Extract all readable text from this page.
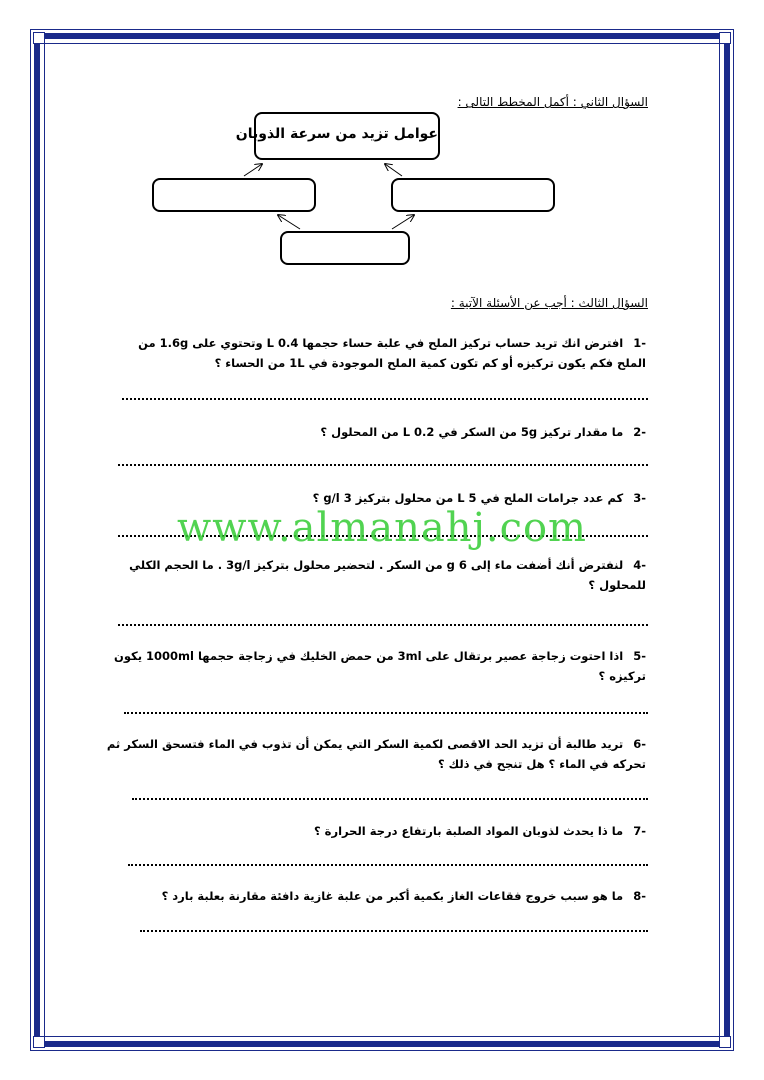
السؤال الثاني : أكمل المخطط التالى :
عوامل تزيد من سرعة الذوبان
السؤال الثالث : أجب عن الأسئلة الآتية :
-1 افترض انك تريد حساب تركيز الملح في علبة حساء حجمها L 0.4 وتحتوي على 1.6g من الملح فكم يكون تركيزه أو كم تكون كمية الملح الموجودة في 1L من الحساء ؟
-2 ما مقدار تركيز 5g من السكر في L 0.2 من المحلول ؟
-3 كم عدد جرامات الملح في L 5 من محلول بتركيز 3 g/l ؟
www.almanahj.com
-4 لنفترض أنك أضفت ماء إلى g 6 من السكر . لتحضير محلول بتركيز 3g/l . ما الحجم الكلي للمحلول ؟
-5 اذا احتوت زجاجة عصير برتقال على 3ml من حمض الخليك في زجاجة حجمها 1000ml يكون تركيزه ؟
-6 تريد طالبة أن تزيد الحد الاقصى لكمية السكر التي يمكن أن تذوب في الماء فتسحق السكر ثم تحركه في الماء ؟ هل تنجح في ذلك ؟
-7 ما ذا يحدث لذوبان المواد الصلبة بارتفاع درجة الحرارة ؟
-8 ما هو سبب خروج فقاعات الغاز بكمية أكبر من علبة غازية دافئة مقارنة بعلبة بارد ؟
